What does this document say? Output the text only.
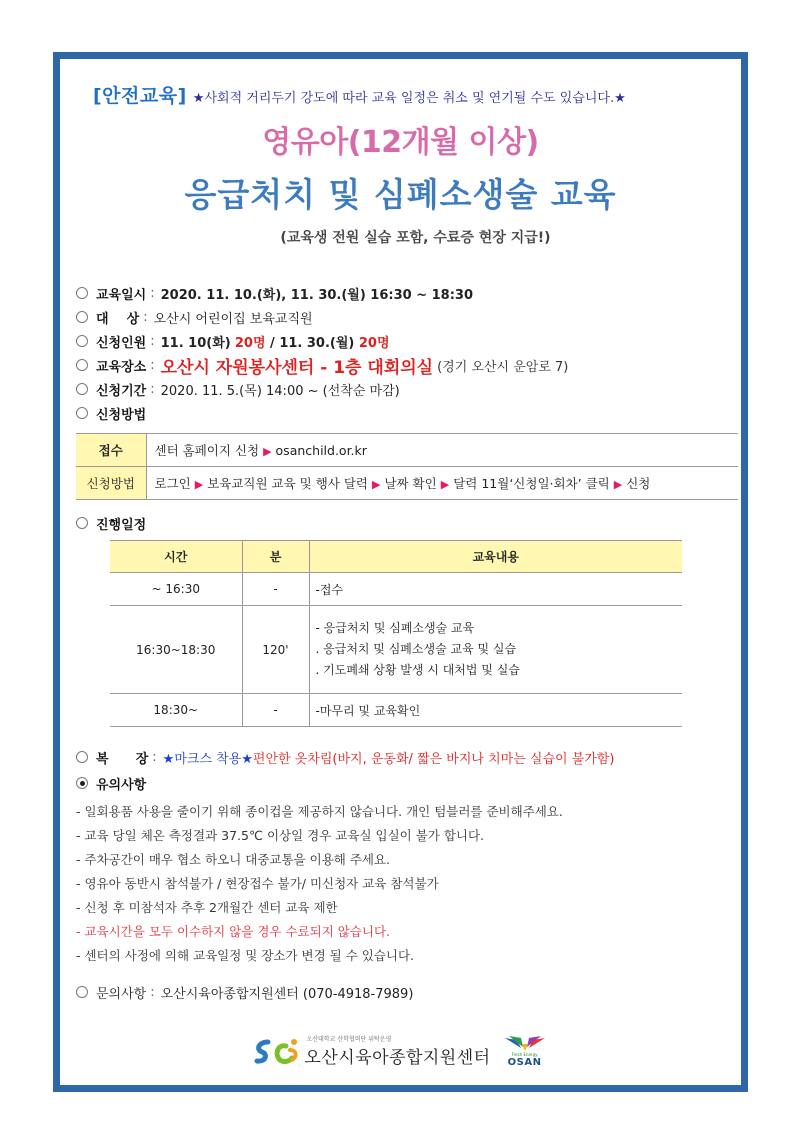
[안전교육] ★사회적 거리두기 강도에 따라 교육 일정은 취소 및 연기될 수도 있습니다.★
영유아(12개월 이상)
응급처치 및 심폐소생술 교육
(교육생 전원 실습 포함, 수료증 현장 지급!)
교육일시 : 2020. 11. 10.(화), 11. 30.(월) 16:30 ~ 18:30
대    상 : 오산시 어린이집 보육교직원
신청인원 : 11. 10(화)
20명 / 11. 30.(월) 20명
교육장소 : 오산시 자원봉사센터 - 1층 대회의실 (경기 오산시 운암로 7)
신청기간 : 2020. 11. 5.(목) 14:00 ~ (선착순 마감)
신청방법
접수	센터 홈페이지 신청 ▶ osanchild.or.kr
신청방법	로그인 ▶ 보육교직원 교육 및 행사 달력 ▶ 날짜 확인 ▶ 달력 11월‘신청일·회차’ 클릭 ▶ 신청
진행일정
시간	분	교육내용
~ 16:30	-	-접수
16:30~18:30	120'	- 응급처치 및 심폐소생술 교육
. 응급처치 및 심폐소생술 교육 및 실습
. 기도폐쇄 상황 발생 시 대처법 및 실습

18:30~	-	-마무리 및 교육확인
복      장 : ★마크스 착용★ 편안한 옷차림(바지, 운동화/ 짧은 바지나 치마는 실습이 불가함)
유의사항
- 일회용품 사용을 줄이기 위해 종이컵을 제공하지 않습니다. 개인 텀블러를 준비해주세요.
- 교육 당일 체온 측정결과 37.5℃ 이상일 경우 교육실 입실이 불가 합니다.
- 주차공간이 매우 협소 하오니 대중교통을 이용해 주세요.
- 영유아 동반시 참석불가 / 현장접수 불가/ 미신청자 교육 참석불가
- 신청 후 미참석자 추후 2개월간 센터 교육 제한
- 교육시간을 모두 이수하지 않을 경우 수료되지 않습니다.
- 센터의 사정에 의해 교육일정 및 장소가 변경 될 수 있습니다.
문의사항 : 오산시육아종합지원센터 (070-4918-7989)
오산대학교 산학협력단 위탁운영
오산시육아종합지원센터	Fresh Energy
OSAN
